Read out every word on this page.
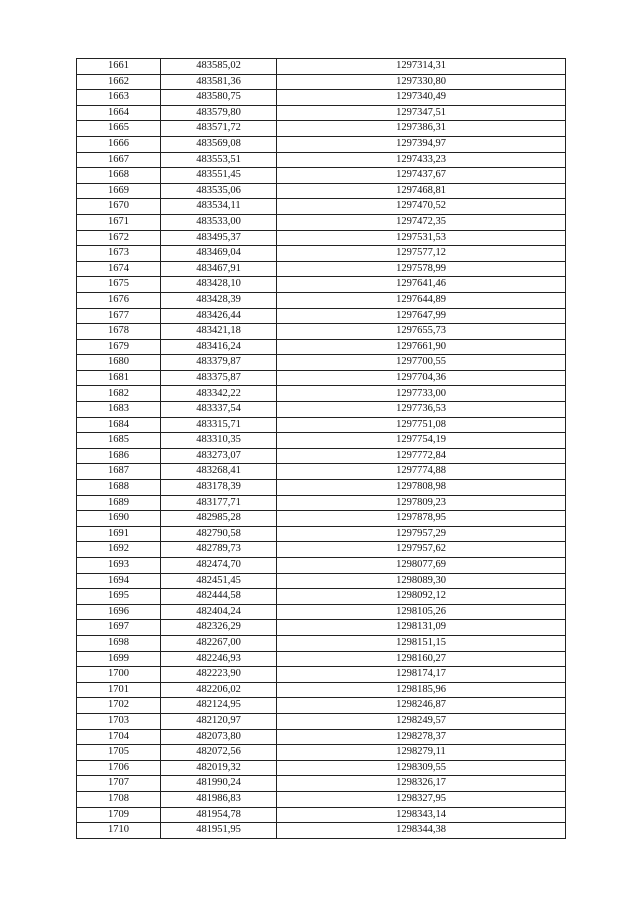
1661	483585,02	1297314,31
1662	483581,36	1297330,80
1663	483580,75	1297340,49
1664	483579,80	1297347,51
1665	483571,72	1297386,31
1666	483569,08	1297394,97
1667	483553,51	1297433,23
1668	483551,45	1297437,67
1669	483535,06	1297468,81
1670	483534,11	1297470,52
1671	483533,00	1297472,35
1672	483495,37	1297531,53
1673	483469,04	1297577,12
1674	483467,91	1297578,99
1675	483428,10	1297641,46
1676	483428,39	1297644,89
1677	483426,44	1297647,99
1678	483421,18	1297655,73
1679	483416,24	1297661,90
1680	483379,87	1297700,55
1681	483375,87	1297704,36
1682	483342,22	1297733,00
1683	483337,54	1297736,53
1684	483315,71	1297751,08
1685	483310,35	1297754,19
1686	483273,07	1297772,84
1687	483268,41	1297774,88
1688	483178,39	1297808,98
1689	483177,71	1297809,23
1690	482985,28	1297878,95
1691	482790,58	1297957,29
1692	482789,73	1297957,62
1693	482474,70	1298077,69
1694	482451,45	1298089,30
1695	482444,58	1298092,12
1696	482404,24	1298105,26
1697	482326,29	1298131,09
1698	482267,00	1298151,15
1699	482246,93	1298160,27
1700	482223,90	1298174,17
1701	482206,02	1298185,96
1702	482124,95	1298246,87
1703	482120,97	1298249,57
1704	482073,80	1298278,37
1705	482072,56	1298279,11
1706	482019,32	1298309,55
1707	481990,24	1298326,17
1708	481986,83	1298327,95
1709	481954,78	1298343,14
1710	481951,95	1298344,38
